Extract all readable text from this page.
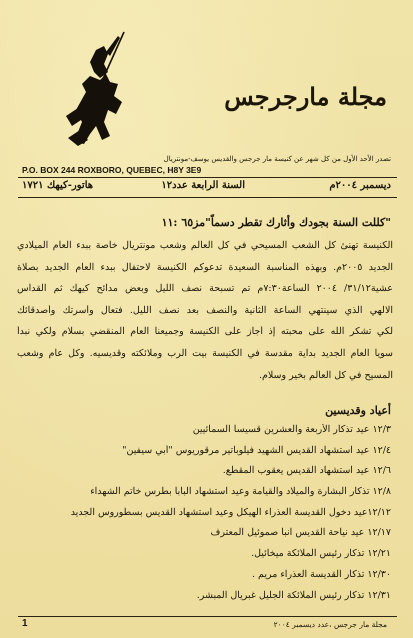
مجلة مارجرجس
تصدر الأحد الأول من كل شهر عن كنيسة مار جرجس والقديس يوسف-مونتريال
P.O. BOX 244 ROXBORO, QUEBEC, H8Y 3E9
ديسمبر ٢٠٠٤م
السنة الرابعة عدد١٢
هاتور-كيهك ١٧٢١
"كللت السنة بجودك وأثارك تقطر دسماً"مز٦٥ :١١
الكنيسة تهنئ كل الشعب المسيحي في كل العالم وشعب مونتريال خاصة ببدء العام الميلادي
الجديد ٢٠٠٥م. وبهذه المناسبة السعيدة تدعوكم الكنيسة لاحتفال ببدء العام الجديد بصلاة
عشية٣١/١٢/ ٢٠٠٤ الساعة٧:٣٠م تم تسبحة نصف الليل وبعض مدائح كيهك ثم القداس
الالهي الذي سينتهي الساعة الثانية والنصف بعد نصف الليل. فتعال وأسرتك وأصدقائك
لكي تشكر الله على محبته إذ أجاز على الكنيسة وجميعنا العام المنقضي بسلام ولكي نبدأ
سويا العام الجديد بداية مقدسة في الكنيسة بيت الرب وملائكته وقديسيه. وكل عام وشعب
المسيح في كل العالم بخير وسلام.
أعياد وقديسين
١٢/٣ عيد تذكار الأربعة والعشرين قسيسا السمائيين
١٢/٤ عيد استشهاد القديس الشهيد فيلوباتير مرقوريوس "أبي سيفين"
١٢/٦ عيد استشهاد القديس يعقوب المقطع.
١٢/٨ تذكار البشارة والميلاد والقيامة وعيد استشهاد البابا بطرس خاتم الشهداء
١٢/١٢عيد دخول القديسة العذراء الهيكل وعيد استشهاد القديس بسطوروس الجديد
١٢/١٧ عيد نياحة القديس انبا صموئيل المعترف
١٢/٢١ تذكار رئيس الملائكة ميخائيل.
١٢/٣٠ تذكار القديسة العذراء مريم .
١٢/٣١ تذكار رئيس الملائكة الجليل غبريال المبشر.
1	مجلة مار جرجس ،عدد ديسمبر ٢٠٠٤
